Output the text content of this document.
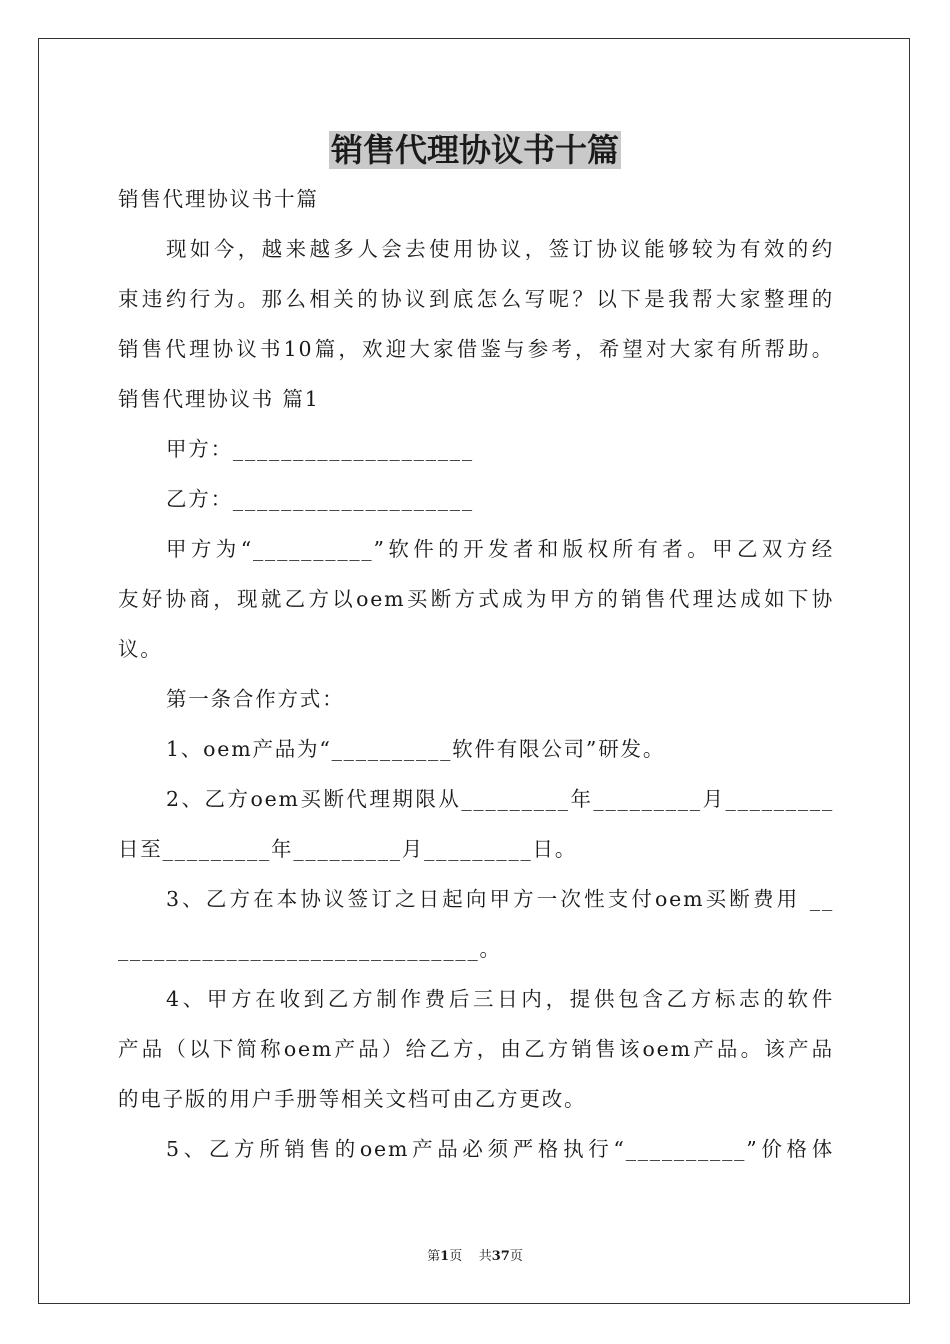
销售代理协议书十篇
销售代理协议书十篇
现如今，越来越多人会去使用协议，签订协议能够较为有效的约
束违约行为。那么相关的协议到底怎么写呢？以下是我帮大家整理的
销售代理协议书10篇，欢迎大家借鉴与参考，希望对大家有所帮助。
销售代理协议书 篇1
甲方：____________________
乙方：____________________
甲方为“__________”软件的开发者和版权所有者。甲乙双方经
友好协商，现就乙方以oem买断方式成为甲方的销售代理达成如下协
议。
第一条合作方式：
1、oem产品为“__________软件有限公司”研发。
2、乙方oem买断代理期限从_________年_________月_________
日至_________年_________月_________日。
3、乙方在本协议签订之日起向甲方一次性支付oem买断费用 __
______________________________。
4、甲方在收到乙方制作费后三日内，提供包含乙方标志的软件
产品（以下简称oem产品）给乙方，由乙方销售该oem产品。该产品
的电子版的用户手册等相关文档可由乙方更改。
5、乙方所销售的oem产品必须严格执行“__________”价格体
第1页 共37页
